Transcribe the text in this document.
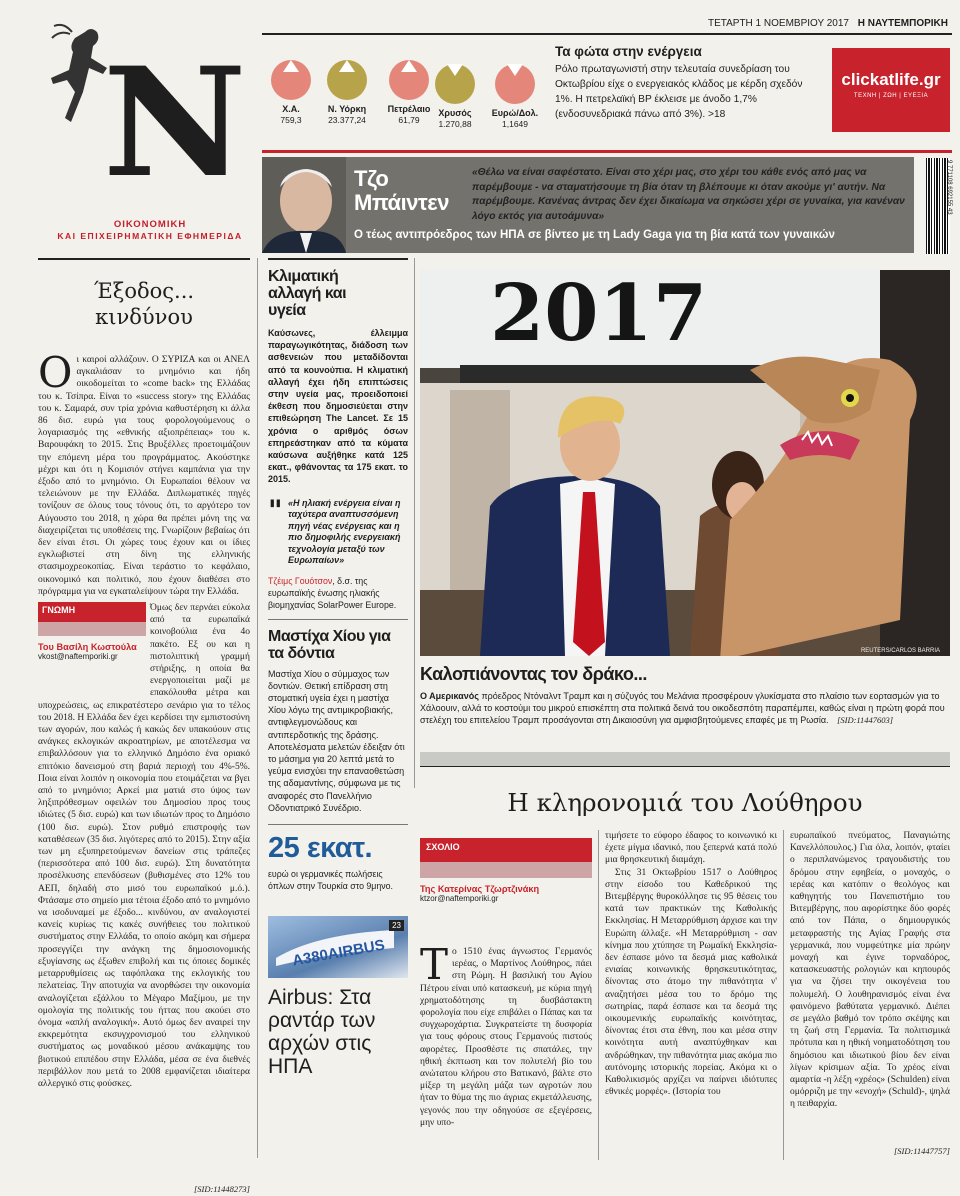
ΤΕΤΑΡΤΗ 1 ΝΟΕΜΒΡΙΟΥ 2017 Η ΝΑΥΤΕΜΠΟΡΙΚΗ
N
ΟΙΚΟΝΟΜΙΚΗ
ΚΑΙ ΕΠΙΧΕΙΡΗΜΑΤΙΚΗ ΕΦΗΜΕΡΙΔΑ
Χ.Α.
759,3
Ν. Υόρκη
23.377,24
Πετρέλαιο
61,79
Χρυσός
1.270,88
Ευρώ/Δολ.
1,1649
Τα φώτα στην ενέργεια
Ρόλο πρωταγωνιστή στην τελευταία συνεδρίαση του Οκτωβρίου είχε ο ενεργειακός κλάδος με κέρδη σχεδόν 1%. Η πετρελαϊκή BP έκλεισε με άνοδο 1,7% (ενδοσυνεδριακά πάνω από 3%). >18
clickatlife.gr
ΤΕΧΝΗ | ΖΩΗ | ΕΥΕΞΙΑ
Τζο
Μπάιντεν
«Θέλω να είναι σαφέστατο. Είναι στο χέρι μας, στο χέρι του κάθε ενός από μας να παρέμβουμε - να σταματήσουμε τη βία όταν τη βλέπουμε κι όταν ακούμε γι' αυτήν. Να παρέμβουμε. Κανένας άντρας δεν έχει δικαίωμα να σηκώσει χέρι σε γυναίκα, για κανέναν λόγο εκτός για αυτοάμυνα»
Ο τέως αντιπρόεδρος των ΗΠΑ σε βίντεο με τη Lady Gaga για τη βία κατά των γυναικών
9 771108 692155 43
Έξοδος... κινδύνου
Οι καιροί αλλάζουν. Ο ΣΥΡΙΖΑ και οι ΑΝΕΛ αγκαλιάσαν το μνημόνιο και ήδη οικοδομείται το «come back» της Ελλάδας του κ. Τσίπρα. Είναι το «success story» της Ελλάδας του κ. Σαμαρά, συν τρία χρόνια καθυστέρηση κι άλλα 86 δισ. ευρώ για τους φορολογούμενους ο λογαριασμός της «εθνικής αξιοπρέπειας» του κ. Βαρουφάκη το 2015. Στις Βρυξέλλες προετοιμάζουν την επόμενη μέρα του προγράμματος. Ακούστηκε μέχρι και ότι η Κομισιόν στήνει καμπάνια για την έξοδο από το μνημόνιο. Οι Ευρωπαίοι θέλουν να τελειώνουν με την Ελλάδα. Διπλωματικές πηγές τονίζουν σε όλους τους τόνους ότι, το αργότερο τον Αύγουστο του 2018, η χώρα θα πρέπει μόνη της να διαχειρίζεται τις υποθέσεις της. Γνωρίζουν βεβαίως ότι δεν είναι έτσι. Οι χώρες τους έχουν και οι ίδιες εγκλωβιστεί στη δίνη της ελληνικής στασιμοχρεοκοπίας. Είναι τεράστιο το κεφάλαιο, οικονομικό και πολιτικό, που έχουν διαθέσει στο πρόγραμμα για να εγκαταλείψουν τώρα την Ελλάδα.
ΓΝΩΜΗ
Του Βασίλη Κωστούλα
vkost@naftemporiki.gr
Όμως δεν περνάει εύκολα από τα ευρωπαϊκά κοινοβούλια ένα 4ο πακέτο. Εξ ου και η πιστολιπτική γραμμή στήριξης, η οποία θα ενεργοποιείται μαζί με επακόλουθα μέτρα και υποχρεώσεις, ως επικρατέστερο σενάριο για το τέλος του 2018. Η Ελλάδα δεν έχει κερδίσει την εμπιστοσύνη των αγορών, που καλώς ή κακώς δεν υπακούουν στις ανάγκες εκλογικών ακροατηρίων, με αποτέλεσμα να επιβαλλόσουν για το ελληνικό Δημόσιο ένα οριακό επιτόκιο δανεισμού στη βαριά περιοχή του 4%-5%. Ποια είναι λοιπόν η οικονομία που ετοιμάζεται να βγει από το μνημόνιο; Αρκεί μια ματιά στο ύψος των ληξιπρόθεσμων οφειλών του Δημοσίου προς τους ιδιώτες (5 δισ. ευρώ) και των ιδιωτών προς το Δημόσιο (100 δισ. ευρώ). Στον ρυθμό επιστροφής των καταθέσεων (35 δισ. λιγότερες από το 2015). Στην αξία των μη εξυπηρετούμενων δανείων στις τράπεζες (περισσότερα από 100 δισ. ευρώ). Στη δυνατότητα προσέλκυσης επενδύσεων (βυθισμένες στο 12% του ΑΕΠ, δηλαδή στο μισό του ευρωπαϊκού μ.ό.). Φτάσαμε στο σημείο μια τέτοια έξοδο από το μνημόνιο να ισοδυναμεί με έξοδο... κινδύνου, αν αναλογιστεί κανείς κυρίως τις κακές συνήθειες του πολιτικού συστήματος στην Ελλάδα, το οποίο ακόμη και σήμερα προσεγγίζει την ανάγκη της δημοσιονομικής εξυγίανσης ως έξωθεν επιβολή και τις όποιες δομικές μεταρρυθμίσεις ως ταφόπλακα της εκλογικής του πελατείας. Την αποτυχία να ανορθώσει την οικονομία αναλογίζεται εξάλλου το Μέγαρο Μαξίμου, με την ομολογία της πολιτικής του ήττας που ακούει στο όνομα «απλή αναλογική». Αυτό όμως δεν αναιρεί την εκκρεμότητα εκσυγχρονισμού του ελληνικού συστήματος ως μοναδικού μέσου ανάκαμψης του βιοτικού επιπέδου στην Ελλάδα, μέσα σε ένα διεθνές περιβάλλον που μετά το 2008 εμφανίζεται ιδιαίτερα αλλεργικό στις φούσκες.
[SID:11448273]
Κλιματική αλλαγή και υγεία
Καύσωνες, έλλειμμα παραγωγικότητας, διάδοση των ασθενειών που μεταδίδονται από τα κουνούπια. Η κλιματική αλλαγή έχει ήδη επιπτώσεις στην υγεία μας, προειδοποιεί έκθεση που δημοσιεύεται στην επιθεώρηση The Lancet. Σε 15 χρόνια ο αριθμός όσων επηρεάστηκαν από τα κύματα καύσωνα αυξήθηκε κατά 125 εκατ., φθάνοντας τα 175 εκατ. το 2015.
" «Η ηλιακή ενέργεια είναι η ταχύτερα αναπτυσσόμενη πηγή νέας ενέργειας και η πιο δημοφιλής ενεργειακή τεχνολογία μεταξύ των Ευρωπαίων»
Τζέιμς Γουότσον, δ.σ. της ευρωπαϊκής ένωσης ηλιακής βιομηχανίας SolarPower Europe.
Μαστίχα Χίου για τα δόντια
Μαστίχα Χίου ο σύμμαχος των δοντιών. Θετική επίδραση στη στοματική υγεία έχει η μαστίχα Χίου λόγω της αντιμικροβιακής, αντιφλεγμονώδους και αντιπερδοτικής της δράσης. Αποτελέσματα μελετών έδειξαν ότι το μάσημα για 20 λεπτά μετά το γεύμα ενισχύει την επαναοθετώση της αδαμαντίνης, σύμφωνα με τις αναφορές στο Πανελλήνιο Οδοντιατρικό Συνέδριο.
25 εκατ.
ευρώ οι γερμανικές πωλήσεις όπλων στην Τουρκία στο 9μηνο.
A380AIRBUS
23
Airbus: Στα ραντάρ των αρχών στις ΗΠΑ
2017
REUTERS/CARLOS BARRIA
Καλοπιάνοντας τον δράκο...
Ο Αμερικανός πρόεδρος Ντόναλντ Τραμπ και η σύζυγός του Μελάνια προσφέρουν γλυκίσματα στο πλαίσιο των εορτασμών για το Χάλοουιν, αλλά το κοστούμι του μικρού επισκέπτη στα πολιτικά δεινά του οικοδεσπότη παραπέμπει, καθώς είναι η πρώτη φορά που στελέχη του επιτελείου Τραμπ προσάγονται στη Δικαιοσύνη για αμφισβητούμενες επαφές με τη Ρωσία. [SID:11447603]
Η κληρονομιά του Λούθηρου
ΣΧΟΛΙΟ
Της Κατερίνας Τζωρτζινάκη
ktzor@naftemporiki.gr
Το 1510 ένας άγνωστος Γερμανός ιερέας, ο Μαρτίνος Λούθηρος, πάει στη Ρώμη. Η βασιλική του Αγίου Πέτρου είναι υπό κατασκευή, με κύρια πηγή χρηματοδότησης τη δυσβάστακτη φορολογία που είχε επιβάλει ο Πάπας και τα συγχωροχάρτια. Συγκρατείστε τη δυσφορία για τους φόρους στους Γερμανούς πιστούς αφορέτες. Προσθέστε τις σπατάλες, την ηθική έκπτωση και τον πολυτελή βίο του ανώτατου κλήρου στο Βατικανό, βάλτε στο μίξερ τη μεγάλη μάζα των αγροτών που ήταν το θύμα της πιο άγριας εκμετάλλευσης, γεγονός που την οδηγούσε σε εξεγέρσεις, μην υπο-

τιμήσετε το εύφορο έδαφος το κοινωνικό κι έχετε μίγμα ιδανικό, που ξεπερνά κατά πολύ μια θρησκευτική διαμάχη.

Στις 31 Οκτωβρίου 1517 ο Λούθηρος στην είσοδο του Καθεδρικού της Βιτεμβέργης θυροκόλλησε τις 95 θέσεις του κατά των πρακτικών της Καθολικής Εκκλησίας. Η Μεταρρύθμιση άρχισε και την Ευρώπη άλλαξε. «Η Μεταρρύθμιση - σαν κίνημα που χτύπησε τη Ρωμαϊκή Εκκλησία- δεν έσπασε μόνο τα δεσμά μιας καθολικά ενιαίας κοινωνικής θρησκευτικότητας, δίνοντας στο άτομο την πιθανότητα ν' αναζητήσει μέσα του το δρόμο της σωτηρίας, παρά έσπασε και τα δεσμά της οικουμενικής ευρωπαϊκής κοινότητας, δίνοντας έτσι στα έθνη, που και μέσα στην κοινότητα αυτή αναπτύχθηκαν και ανδρώθηκαν, την πιθανότητα μιας ακόμα πιο αυτόνομης ιστορικής πορείας. Ακόμα κι ο Καθολικισμός αρχίζει να παίρνει ιδιότυπες εθνικές μορφές». (Ιστορία του

ευρωπαϊκού πνεύματος, Παναγιώτης Κανελλόπουλος.) Για όλα, λοιπόν, φταίει ο περιπλανώμενος τραγουδιστής του δρόμου στην εφηβεία, ο μοναχός, ο ιερέας και κατόπιν ο θεολόγος και καθηγητής του Πανεπιστήμιο του Βιτεμβέργης, που αφορίστηκε δύο φορές από τον Πάπα, ο δημιουργικός μεταφραστής της Αγίας Γραφής στα γερμανικά, που νυμφεύτηκε μία πρώην μοναχή και έγινε τορναδόρος, κατασκευαστής ρολογιών και κηπουρός για να ζήσει την οικογένεια του πολυμελή. Ο λουθηρανισμός είναι ένα φαινόμενο βαθύτατα γερμανικό. Διέπει σε μεγάλο βαθμό τον τρόπο σκέψης και τη ζωή στη Γερμανία. Τα πολιτισμικά πρότυπα και η ηθική νοηματοδότηση του δημόσιου και ιδιωτικού βίου δεν είναι λίγων κρίσιμων αξία. Το χρέος είναι αμαρτία -η λέξη «χρέος» (Schulden) είναι ομόρριζη με την «ενοχή» (Schuld)-, ψηλά η πειθαρχία.
[SID:11447757]
